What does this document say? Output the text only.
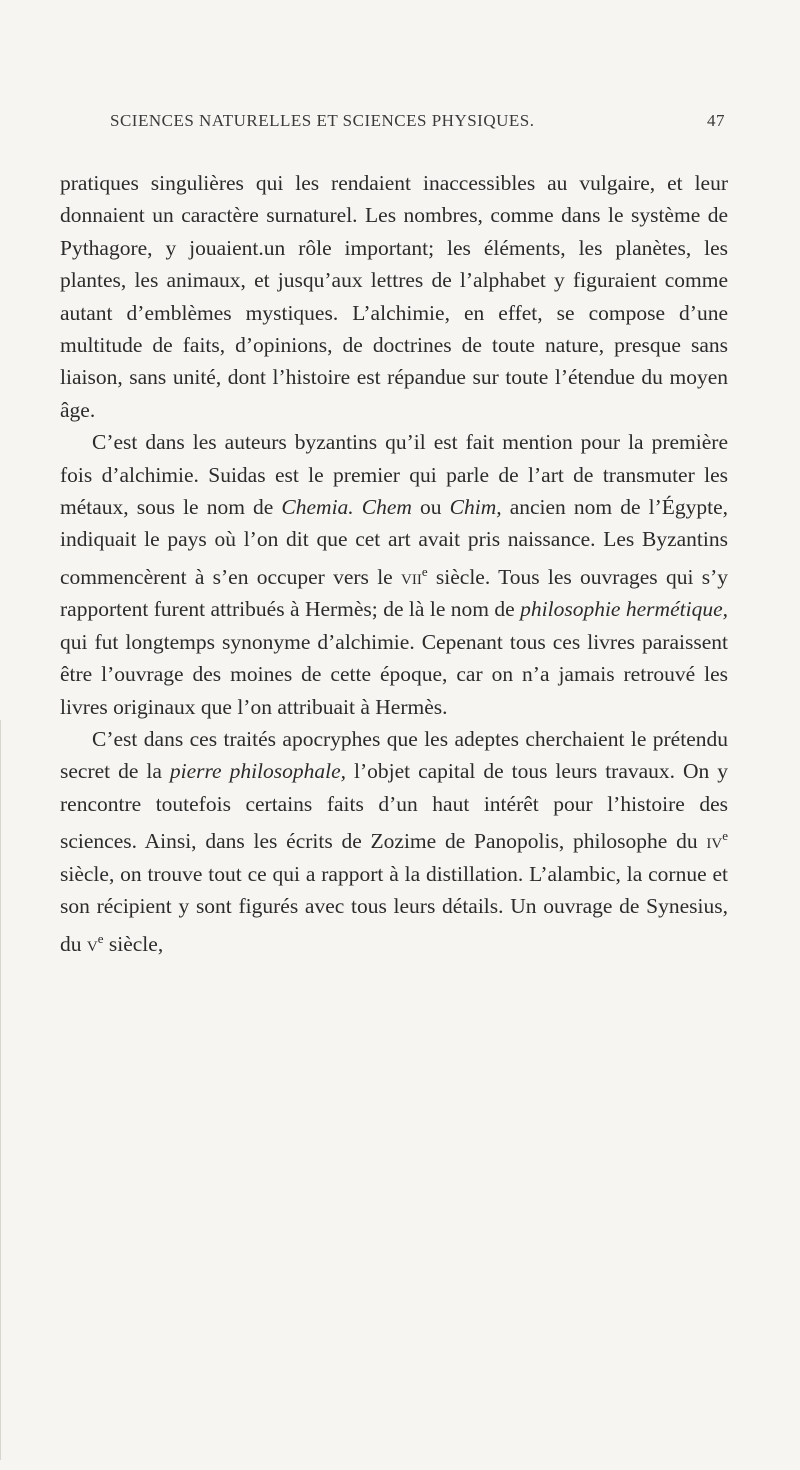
SCIENCES NATURELLES ET SCIENCES PHYSIQUES.	47

pratiques singulières qui les rendaient inaccessibles au vulgaire, et leur donnaient un caractère surnaturel. Les nombres, comme dans le système de Pythagore, y jouaient.un rôle important; les éléments, les planètes, les plantes, les animaux, et jusqu’aux lettres de l’alphabet y figuraient comme autant d’emblèmes mystiques. L’alchimie, en effet, se compose d’une multitude de faits, d’opinions, de doctrines de toute nature, presque sans liaison, sans unité, dont l’histoire est répandue sur toute l’étendue du moyen âge.

C’est dans les auteurs byzantins qu’il est fait mention pour la première fois d’alchimie. Suidas est le premier qui parle de l’art de transmuter les métaux, sous le nom de Chemia. Chem ou Chim, ancien nom de l’Égypte, indiquait le pays où l’on dit que cet art avait pris naissance. Les Byzantins commencèrent à s’en occuper vers le vii$^e$ siècle. Tous les ouvrages qui s’y rapportent furent attribués à Hermès; de là le nom de philosophie hermétique, qui fut longtemps synonyme d’alchimie. Cepenant tous ces livres paraissent être l’ouvrage des moines de cette époque, car on n’a jamais retrouvé les livres originaux que l’on attribuait à Hermès.

C’est dans ces traités apocryphes que les adeptes cherchaient le prétendu secret de la pierre philosophale, l’objet capital de tous leurs travaux. On y rencontre toutefois certains faits d’un haut intérêt pour l’histoire des sciences. Ainsi, dans les écrits de Zozime de Panopolis, philosophe du $iv^e$ siècle, on trouve tout ce qui a rapport à la distillation. L’alambic, la cornue et son récipient y sont figurés avec tous leurs détails. Un ouvrage de Synesius, du $v^e$ siècle,
